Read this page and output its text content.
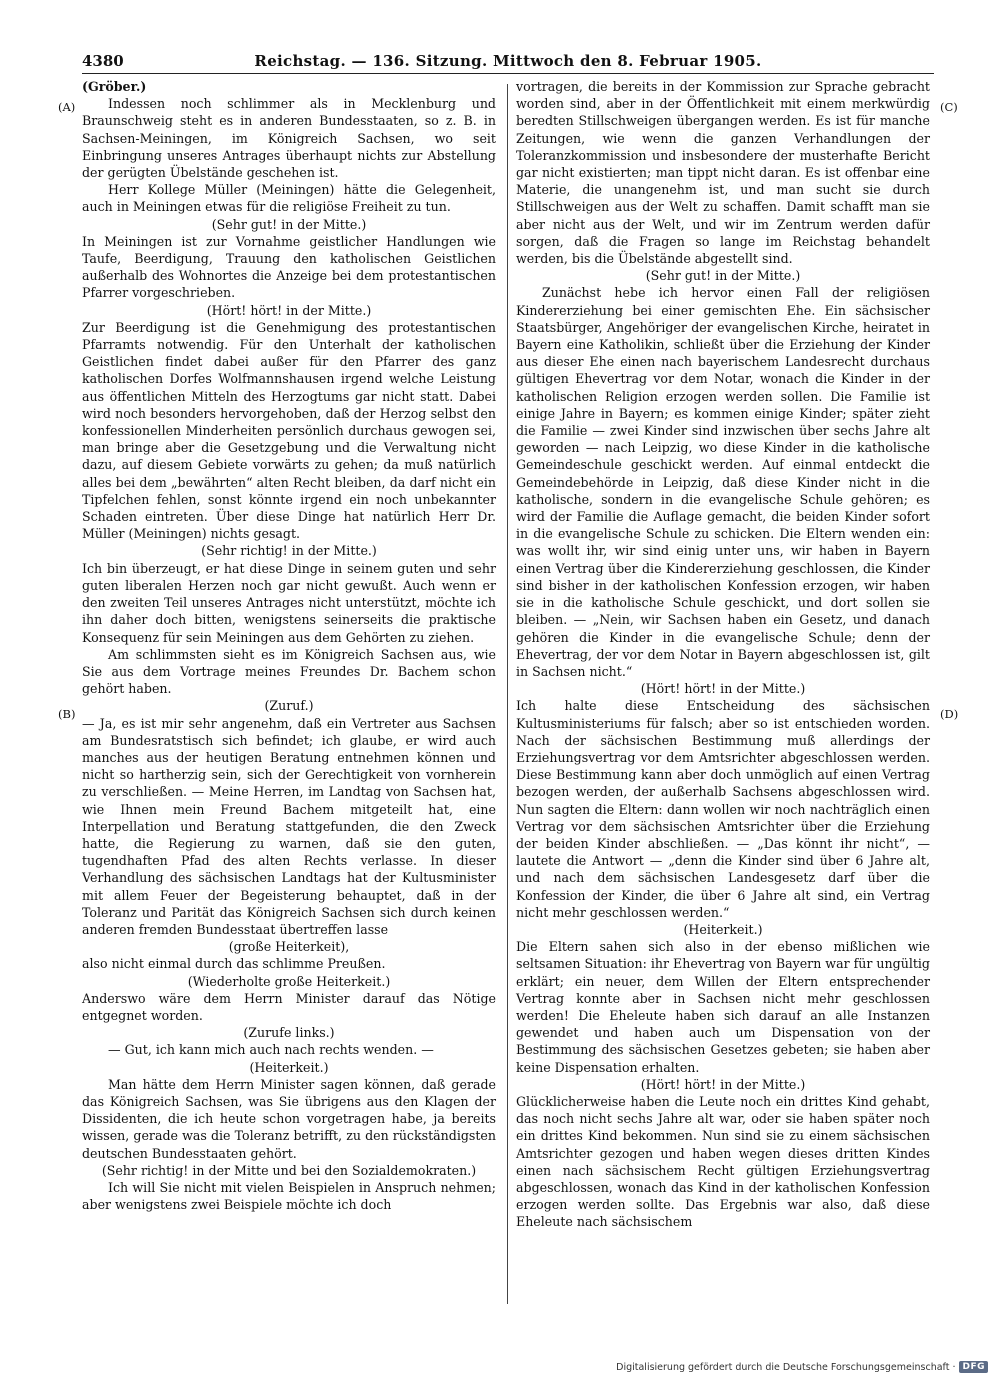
4380	Reichstag. — 136. Sitzung. Mittwoch den 8. Februar 1905.
(A)
(B)
(C)
(D)

(Gröber.)

Indessen noch schlimmer als in Mecklenburg und Braunschweig steht es in anderen Bundesstaaten, so z. B. in Sachsen-Meiningen, im Königreich Sachsen, wo seit Einbringung unseres Antrages überhaupt nichts zur Abstellung der gerügten Übelstände geschehen ist.

Herr Kollege Müller (Meiningen) hätte die Gelegenheit, auch in Meiningen etwas für die religiöse Freiheit zu tun.

(Sehr gut! in der Mitte.)

In Meiningen ist zur Vornahme geistlicher Handlungen wie Taufe, Beerdigung, Trauung den katholischen Geistlichen außerhalb des Wohnortes die Anzeige bei dem protestantischen Pfarrer vorgeschrieben.

(Hört! hört! in der Mitte.)

Zur Beerdigung ist die Genehmigung des protestantischen Pfarramts notwendig. Für den Unterhalt der katholischen Geistlichen findet dabei außer für den Pfarrer des ganz katholischen Dorfes Wolfmannshausen irgend welche Leistung aus öffentlichen Mitteln des Herzogtums gar nicht statt. Dabei wird noch besonders hervorgehoben, daß der Herzog selbst den konfessionellen Minderheiten persönlich durchaus gewogen sei, man bringe aber die Gesetzgebung und die Verwaltung nicht dazu, auf diesem Gebiete vorwärts zu gehen; da muß natürlich alles bei dem „bewährten“ alten Recht bleiben, da darf nicht ein Tipfelchen fehlen, sonst könnte irgend ein noch unbekannter Schaden eintreten. Über diese Dinge hat natürlich Herr Dr. Müller (Meiningen) nichts gesagt.

(Sehr richtig! in der Mitte.)

Ich bin überzeugt, er hat diese Dinge in seinem guten und sehr guten liberalen Herzen noch gar nicht gewußt. Auch wenn er den zweiten Teil unseres Antrages nicht unterstützt, möchte ich ihn daher doch bitten, wenigstens seinerseits die praktische Konsequenz für sein Meiningen aus dem Gehörten zu ziehen.

Am schlimmsten sieht es im Königreich Sachsen aus, wie Sie aus dem Vortrage meines Freundes Dr. Bachem schon gehört haben.

(Zuruf.)

— Ja, es ist mir sehr angenehm, daß ein Vertreter aus Sachsen am Bundesratstisch sich befindet; ich glaube, er wird auch manches aus der heutigen Beratung entnehmen können und nicht so hartherzig sein, sich der Gerechtigkeit von vornherein zu verschließen. — Meine Herren, im Landtag von Sachsen hat, wie Ihnen mein Freund Bachem mitgeteilt hat, eine Interpellation und Beratung stattgefunden, die den Zweck hatte, die Regierung zu warnen, daß sie den guten, tugendhaften Pfad des alten Rechts verlasse. In dieser Verhandlung des sächsischen Landtags hat der Kultusminister mit allem Feuer der Begeisterung behauptet, daß in der Toleranz und Parität das Königreich Sachsen sich durch keinen anderen fremden Bundesstaat übertreffen lasse

(große Heiterkeit),

also nicht einmal durch das schlimme Preußen.

(Wiederholte große Heiterkeit.)

Anderswo wäre dem Herrn Minister darauf das Nötige entgegnet worden.

(Zurufe links.)

— Gut, ich kann mich auch nach rechts wenden. —

(Heiterkeit.)

Man hätte dem Herrn Minister sagen können, daß gerade das Königreich Sachsen, was Sie übrigens aus den Klagen der Dissidenten, die ich heute schon vorgetragen habe, ja bereits wissen, gerade was die Toleranz betrifft, zu den rückständigsten deutschen Bundesstaaten gehört.

(Sehr richtig! in der Mitte und bei den Sozialdemokraten.)

Ich will Sie nicht mit vielen Beispielen in Anspruch nehmen; aber wenigstens zwei Beispiele möchte ich doch

vortragen, die bereits in der Kommission zur Sprache gebracht worden sind, aber in der Öffentlichkeit mit einem merkwürdig beredten Stillschweigen übergangen werden. Es ist für manche Zeitungen, wie wenn die ganzen Verhandlungen der Toleranzkommission und insbesondere der musterhafte Bericht gar nicht existierten; man tippt nicht daran. Es ist offenbar eine Materie, die unangenehm ist, und man sucht sie durch Stillschweigen aus der Welt zu schaffen. Damit schafft man sie aber nicht aus der Welt, und wir im Zentrum werden dafür sorgen, daß die Fragen so lange im Reichstag behandelt werden, bis die Übelstände abgestellt sind.

(Sehr gut! in der Mitte.)

Zunächst hebe ich hervor einen Fall der religiösen Kindererziehung bei einer gemischten Ehe. Ein sächsischer Staatsbürger, Angehöriger der evangelischen Kirche, heiratet in Bayern eine Katholikin, schließt über die Erziehung der Kinder aus dieser Ehe einen nach bayerischem Landesrecht durchaus gültigen Ehevertrag vor dem Notar, wonach die Kinder in der katholischen Religion erzogen werden sollen. Die Familie ist einige Jahre in Bayern; es kommen einige Kinder; später zieht die Familie — zwei Kinder sind inzwischen über sechs Jahre alt geworden — nach Leipzig, wo diese Kinder in die katholische Gemeindeschule geschickt werden. Auf einmal entdeckt die Gemeindebehörde in Leipzig, daß diese Kinder nicht in die katholische, sondern in die evangelische Schule gehören; es wird der Familie die Auflage gemacht, die beiden Kinder sofort in die evangelische Schule zu schicken. Die Eltern wenden ein: was wollt ihr, wir sind einig unter uns, wir haben in Bayern einen Vertrag über die Kindererziehung geschlossen, die Kinder sind bisher in der katholischen Konfession erzogen, wir haben sie in die katholische Schule geschickt, und dort sollen sie bleiben. — „Nein, wir Sachsen haben ein Gesetz, und danach gehören die Kinder in die evangelische Schule; denn der Ehevertrag, der vor dem Notar in Bayern abgeschlossen ist, gilt in Sachsen nicht.“

(Hört! hört! in der Mitte.)

Ich halte diese Entscheidung des sächsischen Kultusministeriums für falsch; aber so ist entschieden worden. Nach der sächsischen Bestimmung muß allerdings der Erziehungsvertrag vor dem Amtsrichter abgeschlossen werden. Diese Bestimmung kann aber doch unmöglich auf einen Vertrag bezogen werden, der außerhalb Sachsens abgeschlossen wird. Nun sagten die Eltern: dann wollen wir noch nachträglich einen Vertrag vor dem sächsischen Amtsrichter über die Erziehung der beiden Kinder abschließen. — „Das könnt ihr nicht“, — lautete die Antwort — „denn die Kinder sind über 6 Jahre alt, und nach dem sächsischen Landesgesetz darf über die Konfession der Kinder, die über 6 Jahre alt sind, ein Vertrag nicht mehr geschlossen werden.“

(Heiterkeit.)

Die Eltern sahen sich also in der ebenso mißlichen wie seltsamen Situation: ihr Ehevertrag von Bayern war für ungültig erklärt; ein neuer, dem Willen der Eltern entsprechender Vertrag konnte aber in Sachsen nicht mehr geschlossen werden! Die Eheleute haben sich darauf an alle Instanzen gewendet und haben auch um Dispensation von der Bestimmung des sächsischen Gesetzes gebeten; sie haben aber keine Dispensation erhalten.

(Hört! hört! in der Mitte.)

Glücklicherweise haben die Leute noch ein drittes Kind gehabt, das noch nicht sechs Jahre alt war, oder sie haben später noch ein drittes Kind bekommen. Nun sind sie zu einem sächsischen Amtsrichter gezogen und haben wegen dieses dritten Kindes einen nach sächsischem Recht gültigen Erziehungsvertrag abgeschlossen, wonach das Kind in der katholischen Konfession erzogen werden sollte. Das Ergebnis war also, daß diese Eheleute nach sächsischem

Digitalisierung gefördert durch die Deutsche Forschungsgemeinschaft · DFG
